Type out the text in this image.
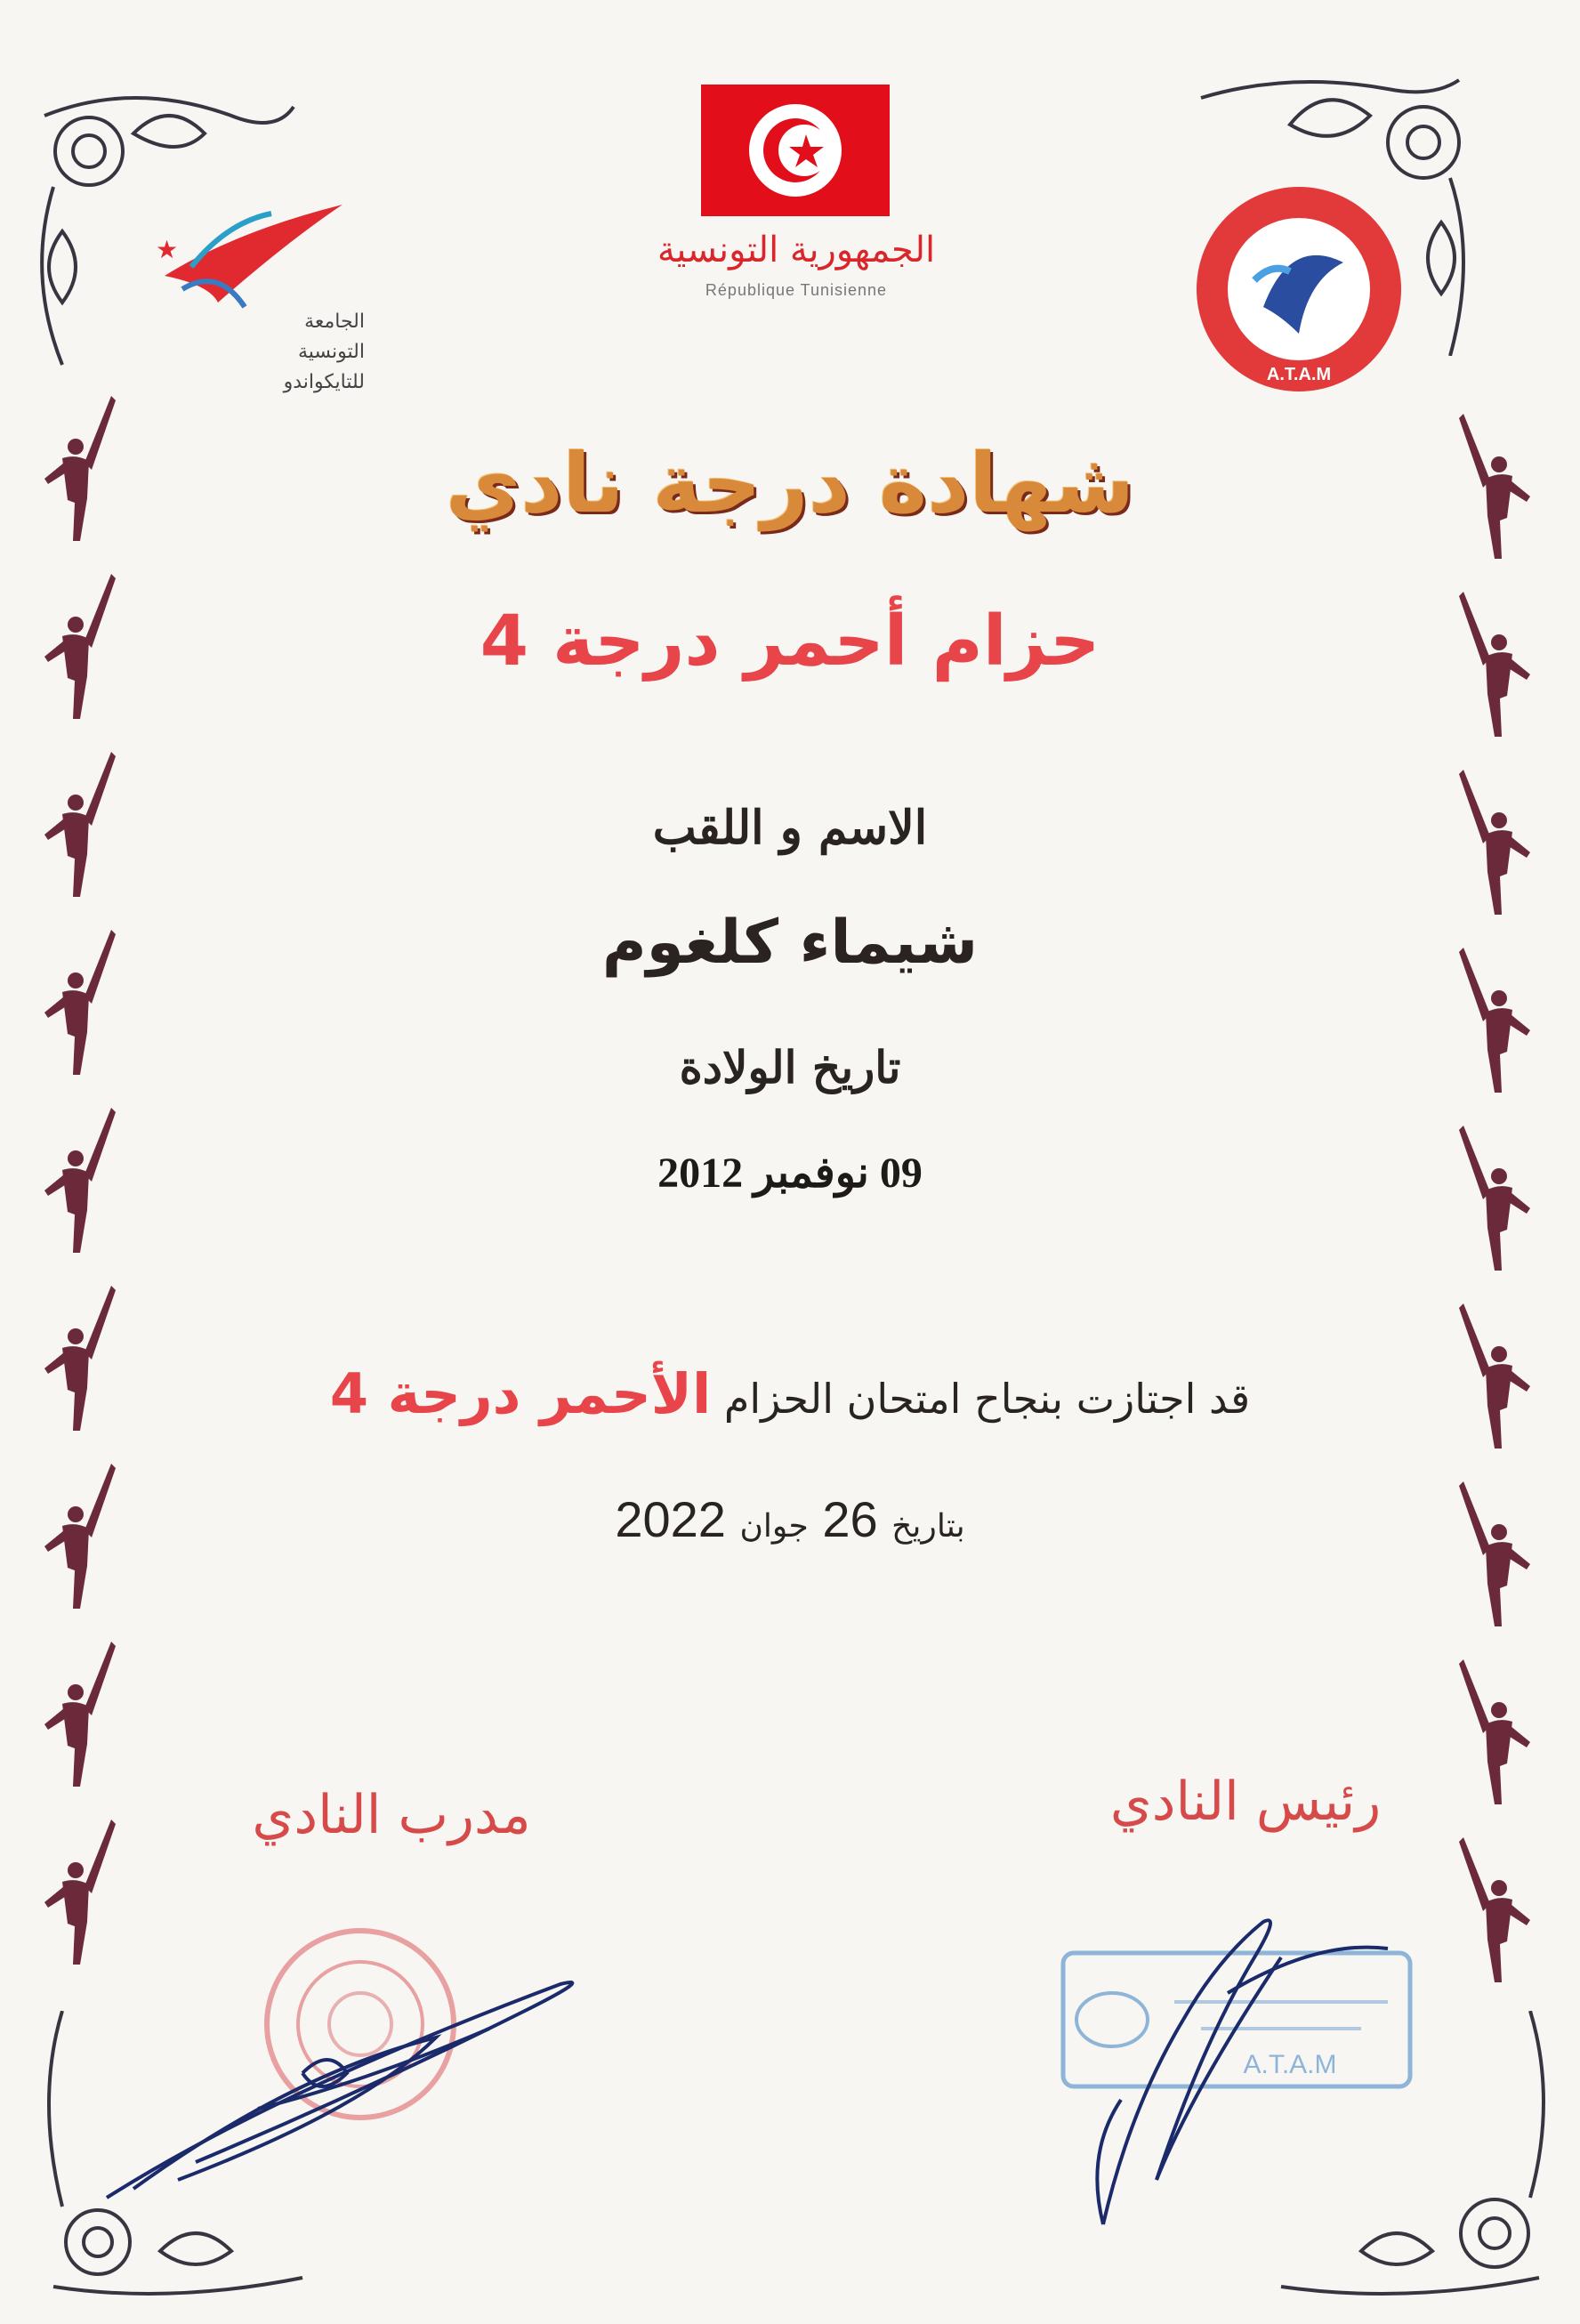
★
الجامعة
التونسية
للتايكواندو
الجمهورية التونسية
République Tunisienne
A.T.A.M
شهادة درجة نادي
حزام أحمر درجة 4
الاسم و اللقب
شيماء كلغوم
تاريخ الولادة
09 نوفمبر 2012
قد اجتازت بنجاح امتحان الحزام الأحمر درجة 4
بتاريخ 26 جوان 2022
مدرب النادي	رئيس النادي
A.T.A.M
